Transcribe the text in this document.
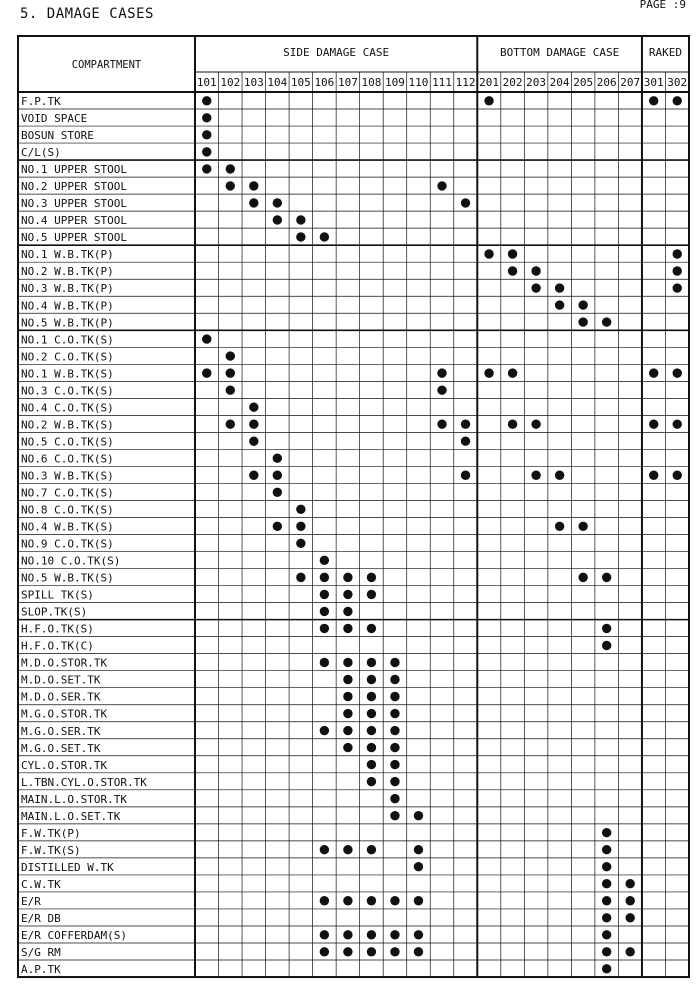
5. DAMAGE CASES
PAGE :9
COMPARTMENT
SIDE DAMAGE CASE	BOTTOM DAMAGE CASE	RAKED
101 102 103 104 105 106 107 108 109 110 111 112 201 202 203 204 205 206 207 301 302
F.P.TK
VOID SPACE
BOSUN STORE
C/L(S)
NO.1 UPPER STOOL
NO.2 UPPER STOOL
NO.3 UPPER STOOL
NO.4 UPPER STOOL
NO.5 UPPER STOOL
NO.1 W.B.TK(P)
NO.2 W.B.TK(P)
NO.3 W.B.TK(P)
NO.4 W.B.TK(P)
NO.5 W.B.TK(P)
NO.1 C.O.TK(S)
NO.2 C.O.TK(S)
NO.1 W.B.TK(S)
NO.3 C.O.TK(S)
NO.4 C.O.TK(S)
NO.2 W.B.TK(S)
NO.5 C.O.TK(S)
NO.6 C.O.TK(S)
NO.3 W.B.TK(S)
NO.7 C.O.TK(S)
NO.8 C.O.TK(S)
NO.4 W.B.TK(S)
NO.9 C.O.TK(S)
NO.10 C.O.TK(S)
NO.5 W.B.TK(S)
SPILL TK(S)
SLOP.TK(S)
H.F.O.TK(S)
H.F.O.TK(C)
M.D.O.STOR.TK
M.D.O.SET.TK
M.D.O.SER.TK
M.G.O.STOR.TK
M.G.O.SER.TK
M.G.O.SET.TK
CYL.O.STOR.TK
L.TBN.CYL.O.STOR.TK
MAIN.L.O.STOR.TK
MAIN.L.O.SET.TK
F.W.TK(P)
F.W.TK(S)
DISTILLED W.TK
C.W.TK
E/R
E/R DB
E/R COFFERDAM(S)
S/G RM
A.P.TK
